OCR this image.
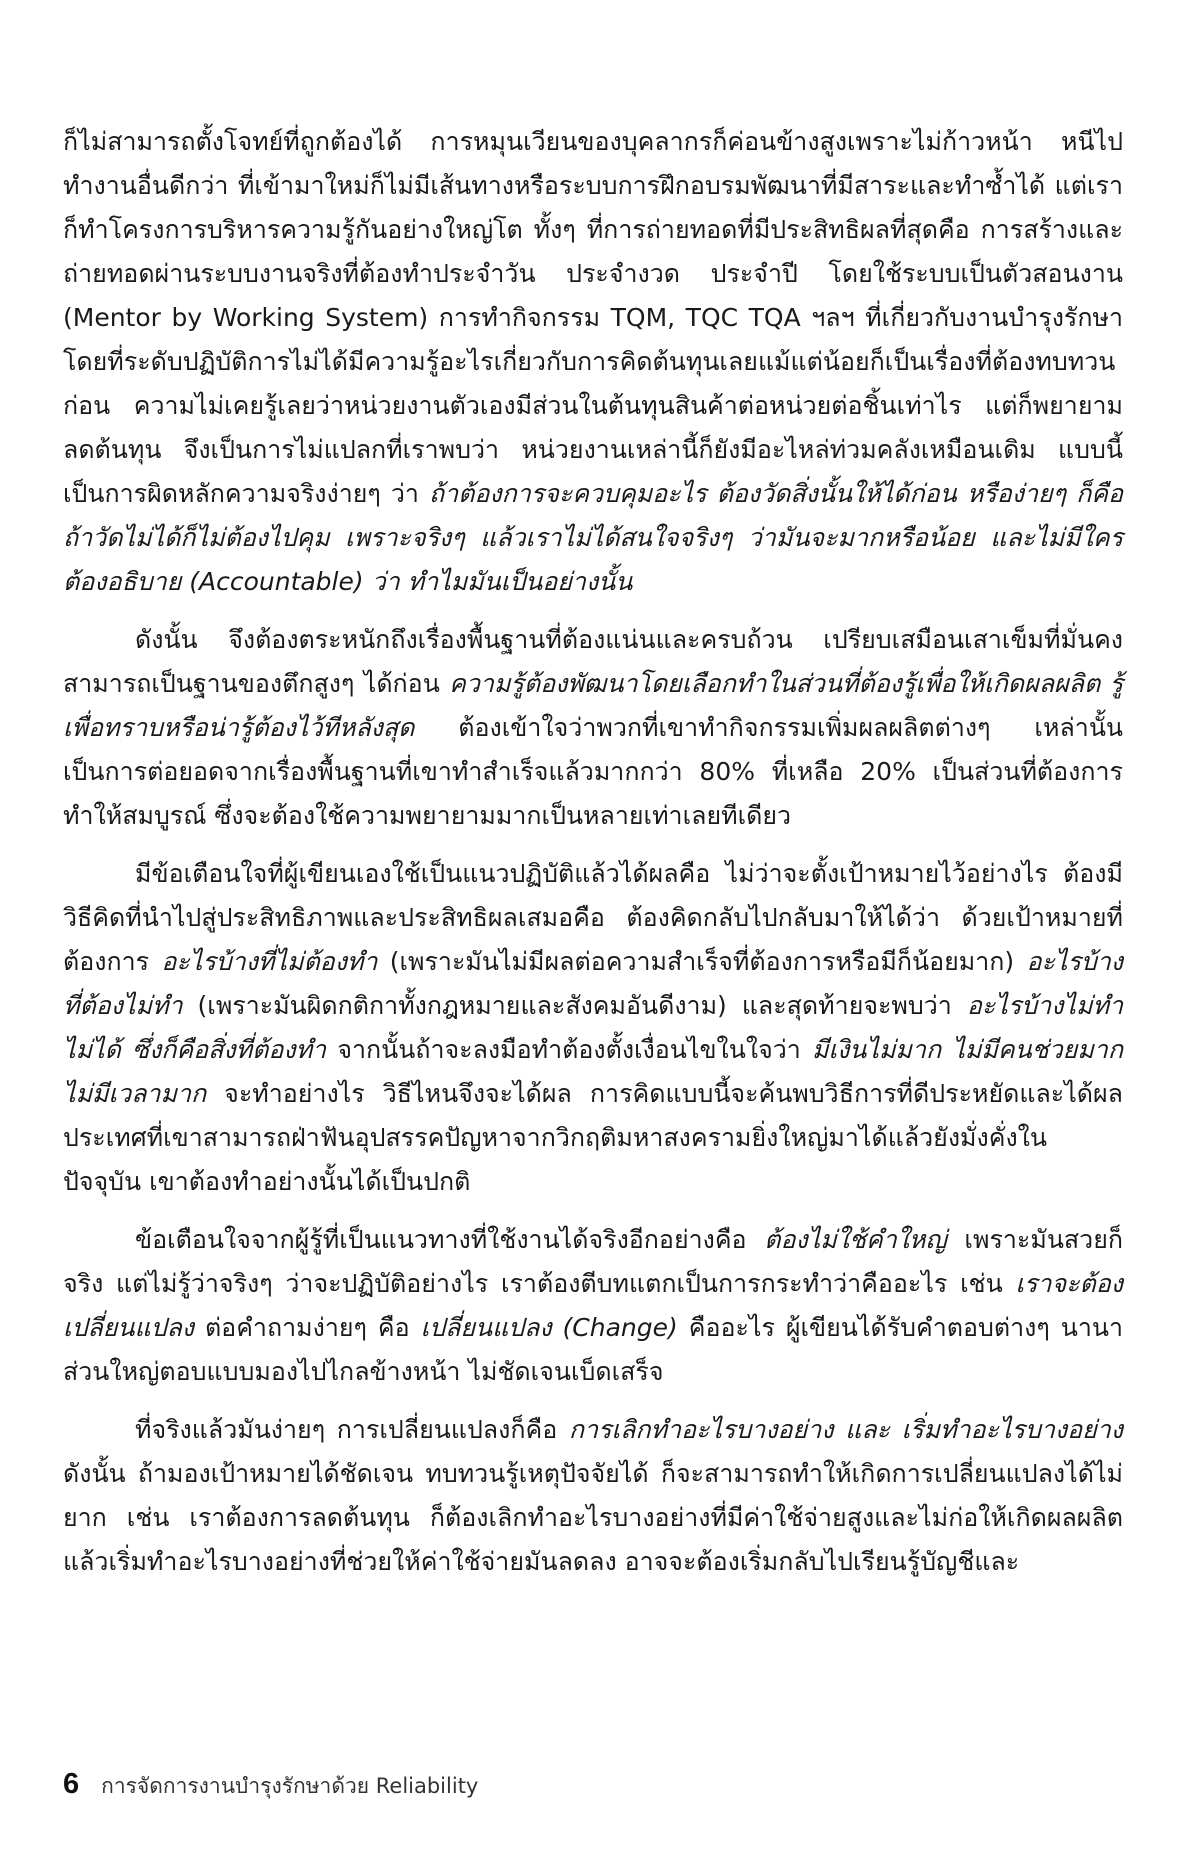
ก็ไม่สามารถตั้งโจทย์ที่ถูกต้องได้ การหมุนเวียนของบุคลากรก็ค่อนข้างสูงเพราะไม่ก้าวหน้า หนีไปทำงานอื่นดีกว่า ที่เข้ามาใหม่ก็ไม่มีเส้นทางหรือระบบการฝึกอบรมพัฒนาที่มีสาระและทำซ้ำได้ แต่เราก็ทำโครงการบริหารความรู้กันอย่างใหญ่โต ทั้งๆ ที่การถ่ายทอดที่มีประสิทธิผลที่สุดคือ การสร้างและถ่ายทอดผ่านระบบงานจริงที่ต้องทำประจำวัน ประจำงวด ประจำปี โดยใช้ระบบเป็นตัวสอนงาน (Mentor by Working System) การทำกิจกรรม TQM, TQC TQA ฯลฯ ที่เกี่ยวกับงานบำรุงรักษาโดยที่ระดับปฏิบัติการไม่ได้มีความรู้อะไรเกี่ยวกับการคิดต้นทุนเลยแม้แต่น้อยก็เป็นเรื่องที่ต้องทบทวนก่อน ความไม่เคยรู้เลยว่าหน่วยงานตัวเองมีส่วนในต้นทุนสินค้าต่อหน่วยต่อชิ้นเท่าไร แต่ก็พยายามลดต้นทุน จึงเป็นการไม่แปลกที่เราพบว่า หน่วยงานเหล่านี้ก็ยังมีอะไหล่ท่วมคลังเหมือนเดิม แบบนี้เป็นการผิดหลักความจริงง่ายๆ ว่า ถ้าต้องการจะควบคุมอะไร ต้องวัดสิ่งนั้นให้ได้ก่อน หรือง่ายๆ ก็คือ ถ้าวัดไม่ได้ก็ไม่ต้องไปคุม เพราะจริงๆ แล้วเราไม่ได้สนใจจริงๆ ว่ามันจะมากหรือน้อย และไม่มีใครต้องอธิบาย (Accountable) ว่า ทำไมมันเป็นอย่างนั้น

ดังนั้น จึงต้องตระหนักถึงเรื่องพื้นฐานที่ต้องแน่นและครบถ้วน เปรียบเสมือนเสาเข็มที่มั่นคงสามารถเป็นฐานของตึกสูงๆ ได้ก่อน ความรู้ต้องพัฒนาโดยเลือกทำในส่วนที่ต้องรู้เพื่อให้เกิดผลผลิต รู้เพื่อทราบหรือน่ารู้ต้องไว้ทีหลังสุด ต้องเข้าใจว่าพวกที่เขาทำกิจกรรมเพิ่มผลผลิตต่างๆ เหล่านั้นเป็นการต่อยอดจากเรื่องพื้นฐานที่เขาทำสำเร็จแล้วมากกว่า 80% ที่เหลือ 20% เป็นส่วนที่ต้องการทำให้สมบูรณ์ ซึ่งจะต้องใช้ความพยายามมากเป็นหลายเท่าเลยทีเดียว

มีข้อเตือนใจที่ผู้เขียนเองใช้เป็นแนวปฏิบัติแล้วได้ผลคือ ไม่ว่าจะตั้งเป้าหมายไว้อย่างไร ต้องมีวิธีคิดที่นำไปสู่ประสิทธิภาพและประสิทธิผลเสมอคือ ต้องคิดกลับไปกลับมาให้ได้ว่า ด้วยเป้าหมายที่ต้องการ อะไรบ้างที่ไม่ต้องทำ (เพราะมันไม่มีผลต่อความสำเร็จที่ต้องการหรือมีก็น้อยมาก) อะไรบ้างที่ต้องไม่ทำ (เพราะมันผิดกติกาทั้งกฎหมายและสังคมอันดีงาม) และสุดท้ายจะพบว่า อะไรบ้างไม่ทำไม่ได้ ซึ่งก็คือสิ่งที่ต้องทำ จากนั้นถ้าจะลงมือทำต้องตั้งเงื่อนไขในใจว่า มีเงินไม่มาก ไม่มีคนช่วยมาก ไม่มีเวลามาก จะทำอย่างไร วิธีไหนจึงจะได้ผล การคิดแบบนี้จะค้นพบวิธีการที่ดีประหยัดและได้ผล ประเทศที่เขาสามารถฝ่าฟันอุปสรรคปัญหาจากวิกฤติมหาสงครามยิ่งใหญ่มาได้แล้วยังมั่งคั่งในปัจจุบัน เขาต้องทำอย่างนั้นได้เป็นปกติ

ข้อเตือนใจจากผู้รู้ที่เป็นแนวทางที่ใช้งานได้จริงอีกอย่างคือ ต้องไม่ใช้คำใหญ่ เพราะมันสวยก็จริง แต่ไม่รู้ว่าจริงๆ ว่าจะปฏิบัติอย่างไร เราต้องตีบทแตกเป็นการกระทำว่าคืออะไร เช่น เราจะต้องเปลี่ยนแปลง ต่อคำถามง่ายๆ คือ เปลี่ยนแปลง (Change) คืออะไร ผู้เขียนได้รับคำตอบต่างๆ นานา ส่วนใหญ่ตอบแบบมองไปไกลข้างหน้า ไม่ชัดเจนเบ็ดเสร็จ

ที่จริงแล้วมันง่ายๆ การเปลี่ยนแปลงก็คือ การเลิกทำอะไรบางอย่าง และ เริ่มทำอะไรบางอย่าง ดังนั้น ถ้ามองเป้าหมายได้ชัดเจน ทบทวนรู้เหตุปัจจัยได้ ก็จะสามารถทำให้เกิดการเปลี่ยนแปลงได้ไม่ยาก เช่น เราต้องการลดต้นทุน ก็ต้องเลิกทำอะไรบางอย่างที่มีค่าใช้จ่ายสูงและไม่ก่อให้เกิดผลผลิต แล้วเริ่มทำอะไรบางอย่างที่ช่วยให้ค่าใช้จ่ายมันลดลง อาจจะต้องเริ่มกลับไปเรียนรู้บัญชีและ

6 การจัดการงานบำรุงรักษาด้วย Reliability
